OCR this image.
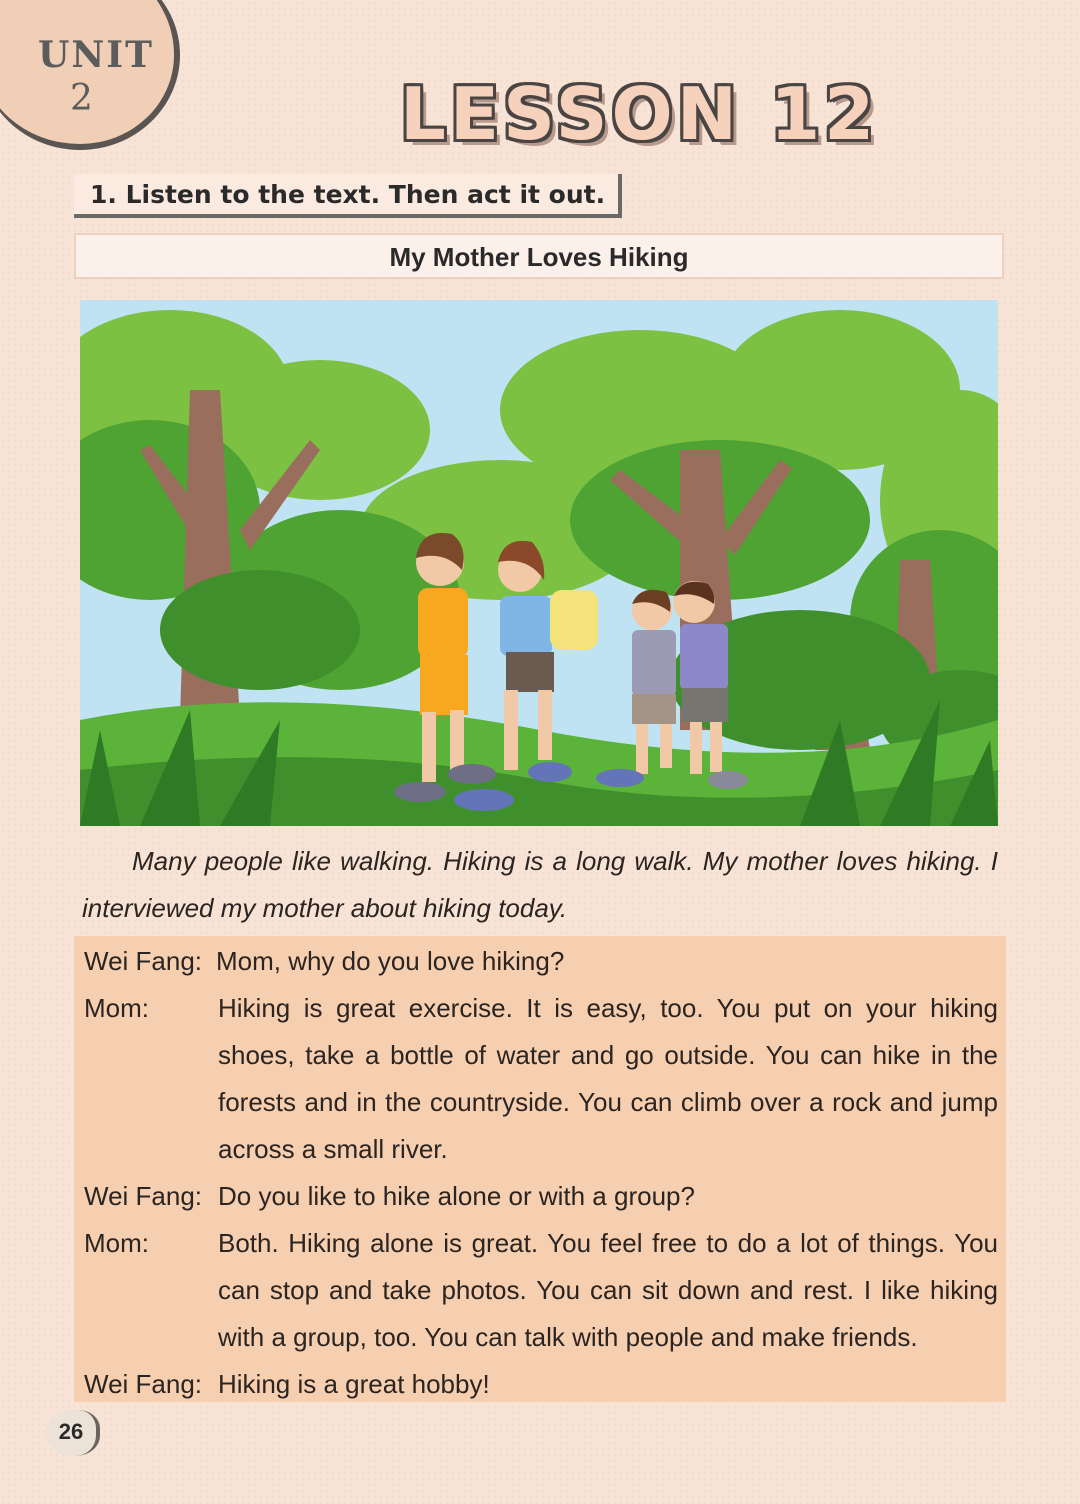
UNIT
2	LESSON 12
1. Listen to the text. Then act it out.
My Mother Loves Hiking

Many people like walking. Hiking is a long walk. My mother loves hiking. I interviewed my mother about hiking today.

Wei Fang: Mom, why do you love hiking?
Mom:	Hiking is great exercise. It is easy, too. You put on your hiking shoes, take a bottle of water and go outside. You can hike in the forests and in the countryside. You can climb over a rock and jump across a small river.
Wei Fang: Do you like to hike alone or with a group?
Mom:	Both. Hiking alone is great. You feel free to do a lot of things. You can stop and take photos. You can sit down and rest. I like hiking with a group, too. You can talk with people and make friends.
Wei Fang: Hiking is a great hobby!
26
